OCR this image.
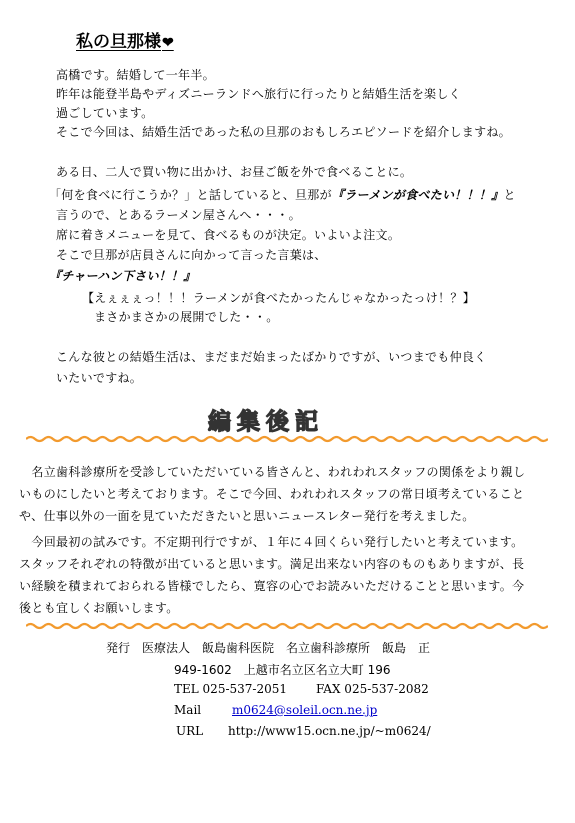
私の旦那様❤
高橋です。結婚して一年半。
昨年は能登半島やディズニーランドへ旅行に行ったりと結婚生活を楽しく
過ごしています。
そこで今回は、結婚生活であった私の旦那のおもしろエピソードを紹介しますね。
ある日、二人で買い物に出かけ、お昼ご飯を外で食べることに。
「何を食べに行こうか？」と話していると、旦那が『ラーメンが食べたい！！！』と
言うので、とあるラーメン屋さんへ・・・。
席に着きメニューを見て、食べるものが決定。いよいよ注文。
そこで旦那が店員さんに向かって言った言葉は、
『チャーハン下さい！！』
【えぇぇぇっ！！！ラーメンが食べたかったんじゃなかったっけ！？】
まさかまさかの展開でした・・。
こんな彼との結婚生活は、まだまだ始まったばかりですが、いつまでも仲良く
いたいですね。
編集後記
　名立歯科診療所を受診していただいている皆さんと、われわれスタッフの関係をより親し
いものにしたいと考えております。そこで今回、われわれスタッフの常日頃考えていること
や、仕事以外の一面を見ていただきたいと思いニュースレター発行を考えました。
　今回最初の試みです。不定期刊行ですが、１年に４回くらい発行したいと考えています。
スタッフそれぞれの特徴が出ていると思います。満足出来ない内容のものもありますが、長
い経験を積まれておられる皆様でしたら、寛容の心でお読みいただけることと思います。今
後とも宜しくお願いします。
発行　医療法人　飯島歯科医院　名立歯科診療所　飯島　正
949-1602　上越市名立区名立大町 196
TEL 025-537-2051 FAX 025-537-2082
Mail	m0624@soleil.ocn.ne.jp
URL http://www15.ocn.ne.jp/~m0624/
